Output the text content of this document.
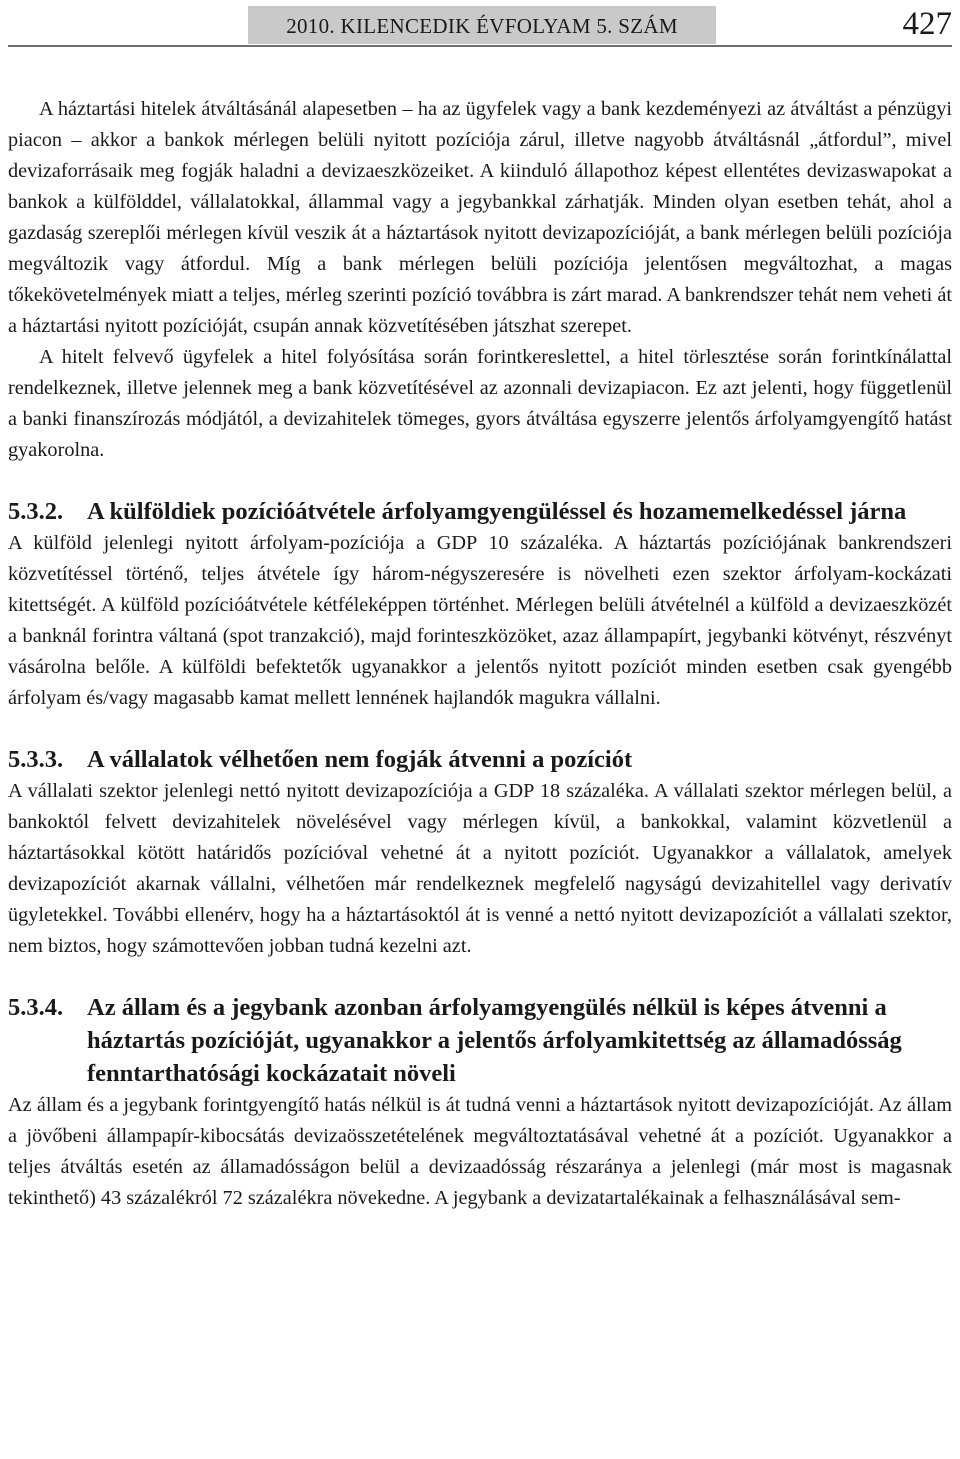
2010. KILENCEDIK ÉVFOLYAM 5. SZÁM	427

A háztartási hitelek átváltásánál alapesetben – ha az ügyfelek vagy a bank kezdeményezi az átváltást a pénzügyi piacon – akkor a bankok mérlegen belüli nyitott pozíciója zárul, illetve nagyobb átváltásnál „átfordul”, mivel devizaforrásaik meg fogják haladni a devizaeszközeiket. A kiinduló állapothoz képest ellentétes devizaswapokat a bankok a külfölddel, vállalatokkal, állammal vagy a jegybankkal zárhatják. Minden olyan esetben tehát, ahol a gazdaság szereplői mérlegen kívül veszik át a háztartások nyitott devizapozícióját, a bank mérlegen belüli pozíciója megváltozik vagy átfordul. Míg a bank mérlegen belüli pozíciója jelentősen megváltozhat, a magas tőkekövetelmények miatt a teljes, mérleg szerinti pozíció továbbra is zárt marad. A bankrendszer tehát nem veheti át a háztartási nyitott pozícióját, csupán annak közvetítésében játszhat szerepet.

A hitelt felvevő ügyfelek a hitel folyósítása során forintkereslettel, a hitel törlesztése során forintkínálattal rendelkeznek, illetve jelennek meg a bank közvetítésével az azonnali devizapiacon. Ez azt jelenti, hogy függetlenül a banki finanszírozás módjától, a devizahitelek tömeges, gyors átváltása egyszerre jelentős árfolyamgyengítő hatást gyakorolna.

5.3.2. A külföldiek pozícióátvétele árfolyamgyengüléssel és hozamemelkedéssel járna

A külföld jelenlegi nyitott árfolyam-pozíciója a GDP 10 százaléka. A háztartás pozíciójának bankrendszeri közvetítéssel történő, teljes átvétele így három-négyszeresére is növelheti ezen szektor árfolyam-kockázati kitettségét. A külföld pozícióátvétele kétféleképpen történhet. Mérlegen belüli átvételnél a külföld a devizaeszközét a banknál forintra váltaná (spot tranzakció), majd forinteszközöket, azaz állampapírt, jegybanki kötvényt, részvényt vásárolna belőle. A külföldi befektetők ugyanakkor a jelentős nyitott pozíciót minden esetben csak gyengébb árfolyam és/vagy magasabb kamat mellett lennének hajlandók magukra vállalni.

5.3.3. A vállalatok vélhetően nem fogják átvenni a pozíciót

A vállalati szektor jelenlegi nettó nyitott devizapozíciója a GDP 18 százaléka. A vállalati szektor mérlegen belül, a bankoktól felvett devizahitelek növelésével vagy mérlegen kívül, a bankokkal, valamint közvetlenül a háztartásokkal kötött határidős pozícióval vehetné át a nyitott pozíciót. Ugyanakkor a vállalatok, amelyek devizapozíciót akarnak vállalni, vélhetően már rendelkeznek megfelelő nagyságú devizahitellel vagy derivatív ügyletekkel. További ellenérv, hogy ha a háztartásoktól át is venné a nettó nyitott devizapozíciót a vállalati szektor, nem biztos, hogy számottevően jobban tudná kezelni azt.

5.3.4. Az állam és a jegybank azonban árfolyamgyengülés nélkül is képes átvenni a háztartás pozícióját, ugyanakkor a jelentős árfolyamkitettség az államadósság fenntarthatósági kockázatait növeli

Az állam és a jegybank forintgyengítő hatás nélkül is át tudná venni a háztartások nyitott devizapozícióját. Az állam a jövőbeni állampapír-kibocsátás devizaösszetételének megváltoztatásával vehetné át a pozíciót. Ugyanakkor a teljes átváltás esetén az államadósságon belül a devizaadósság részaránya a jelenlegi (már most is magasnak tekinthető) 43 százalékról 72 százalékra növekedne. A jegybank a devizatartalékainak a felhasználásával sem-
